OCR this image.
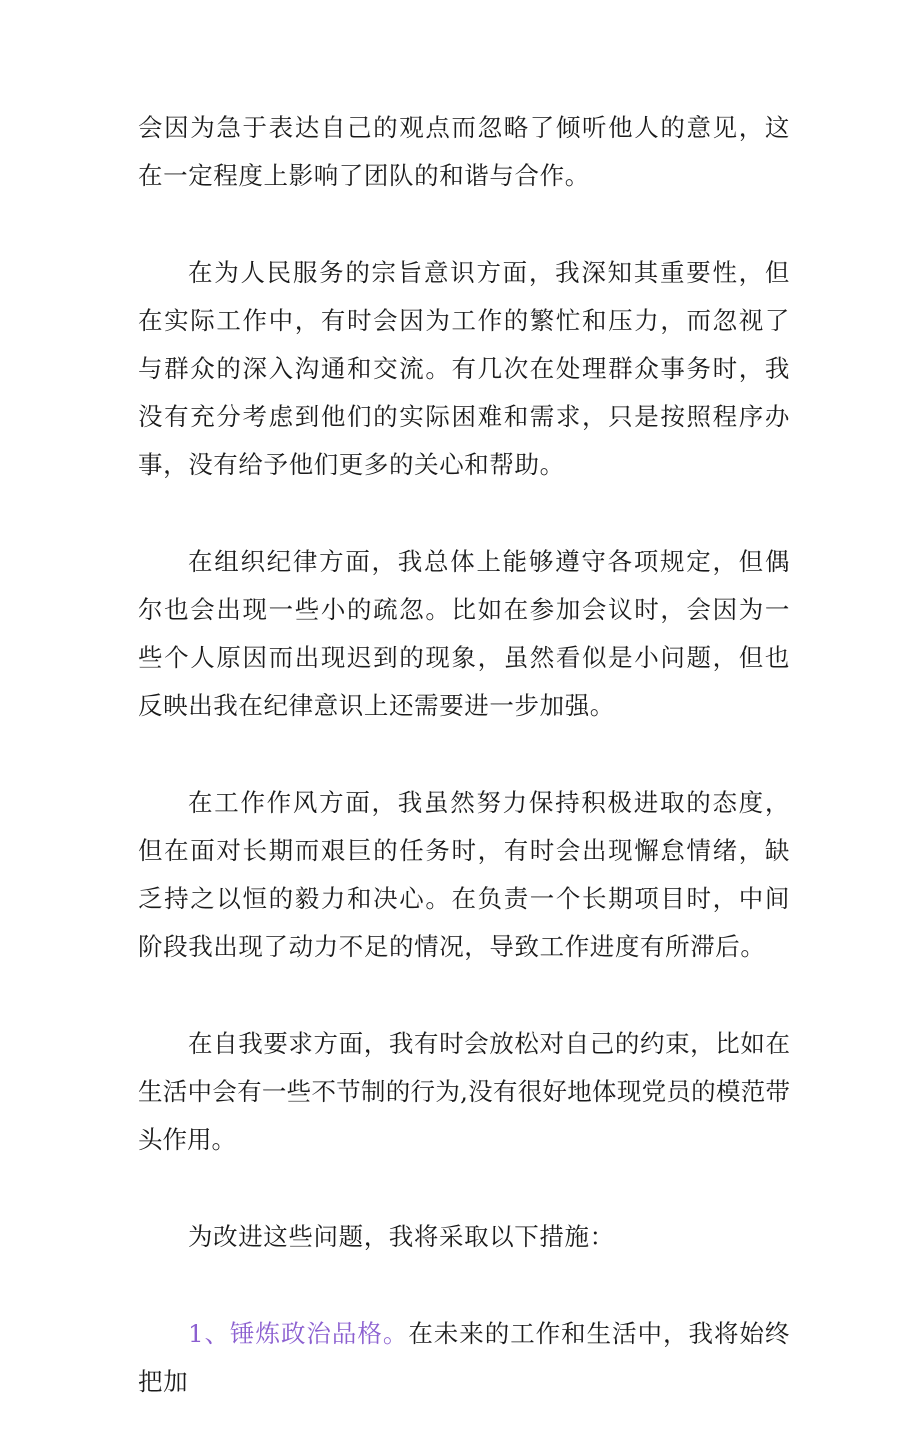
会因为急于表达自己的观点而忽略了倾听他人的意见，这在一定程度上影响了团队的和谐与合作。

在为人民服务的宗旨意识方面，我深知其重要性，但在实际工作中，有时会因为工作的繁忙和压力，而忽视了与群众的深入沟通和交流。有几次在处理群众事务时，我没有充分考虑到他们的实际困难和需求，只是按照程序办事，没有给予他们更多的关心和帮助。

在组织纪律方面，我总体上能够遵守各项规定，但偶尔也会出现一些小的疏忽。比如在参加会议时，会因为一些个人原因而出现迟到的现象，虽然看似是小问题，但也反映出我在纪律意识上还需要进一步加强。

在工作作风方面，我虽然努力保持积极进取的态度，但在面对长期而艰巨的任务时，有时会出现懈怠情绪，缺乏持之以恒的毅力和决心。在负责一个长期项目时，中间阶段我出现了动力不足的情况，导致工作进度有所滞后。

在自我要求方面，我有时会放松对自己的约束，比如在生活中会有一些不节制的行为,没有很好地体现党员的模范带头作用。

为改进这些问题，我将采取以下措施：

1、锤炼政治品格。在未来的工作和生活中，我将始终把加
